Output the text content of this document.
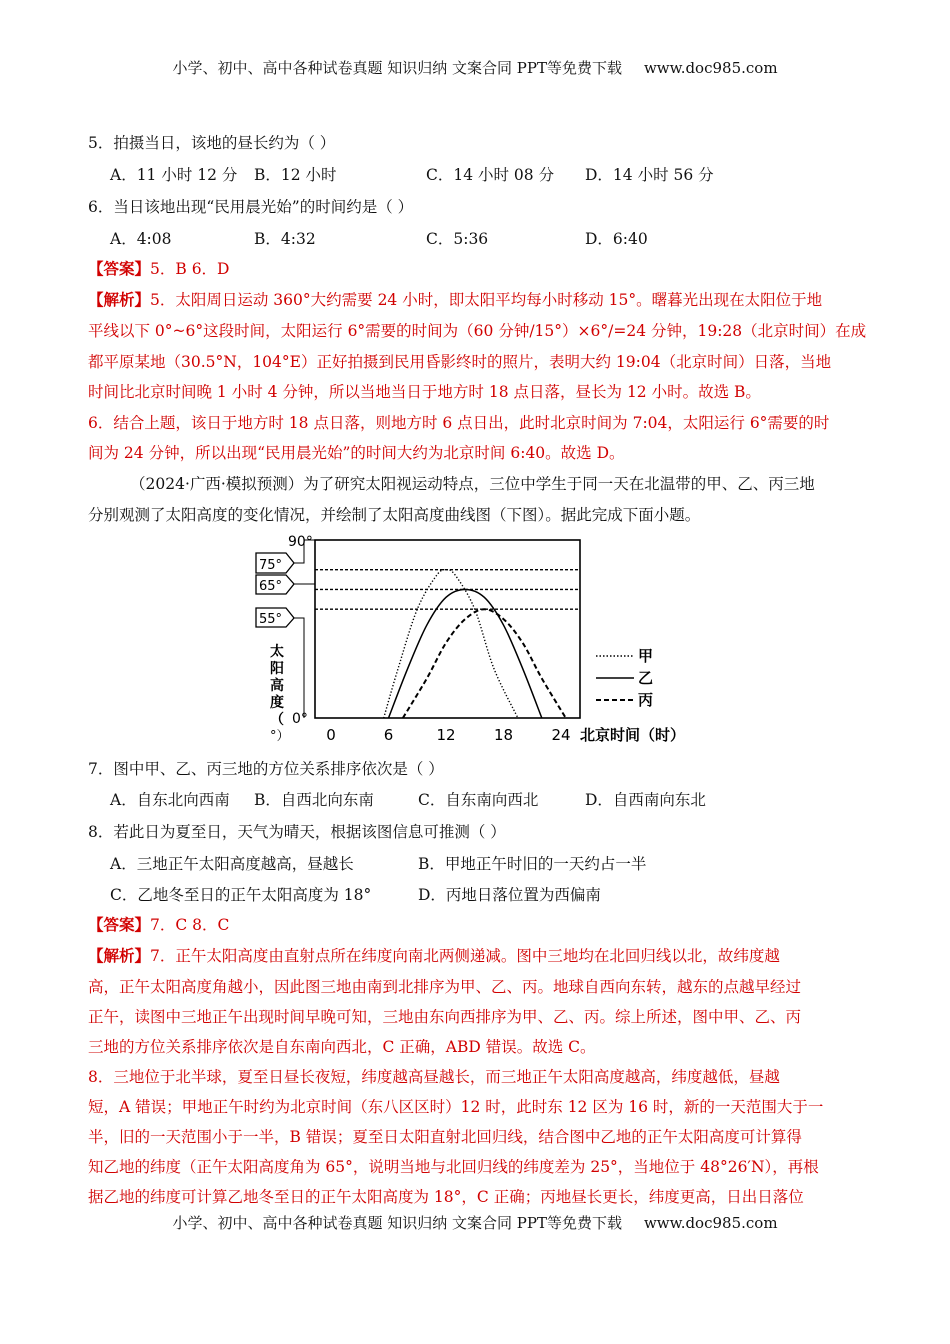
小学、初中、高中各种试卷真题 知识归纳 文案合同 PPT等免费下载 www.doc985.com
5．拍摄当日，该地的昼长约为（ ）
A．11 小时 12 分 B．12 小时	C．14 小时 08 分 D．14 小时 56 分
6．当日该地出现“民用晨光始”的时间约是（ ）
A．4:08	B．4:32	C．5:36	D．6:40
【答案】5．B 6．D
【解析】5．太阳周日运动 360°大约需要 24 小时，即太阳平均每小时移动 15°。曙暮光出现在太阳位于地
平线以下 0°~6°这段时间，太阳运行 6°需要的时间为（60 分钟/15°）×6°/=24 分钟，19:28（北京时间）在成
都平原某地（30.5°N，104°E）正好拍摄到民用昏影终时的照片，表明大约 19:04（北京时间）日落，当地
时间比北京时间晚 1 小时 4 分钟，所以当地当日于地方时 18 点日落，昼长为 12 小时。故选 B。
6．结合上题，该日于地方时 18 点日落，则地方时 6 点日出，此时北京时间为 7:04，太阳运行 6°需要的时
间为 24 分钟，所以出现“民用晨光始”的时间大约为北京时间 6:40。故选 D。
（2024·广西·模拟预测）为了研究太阳视运动特点，三位中学生于同一天在北温带的甲、乙、丙三地
分别观测了太阳高度的变化情况，并绘制了太阳高度曲线图（下图）。据此完成下面小题。
90°
0°
75°
65°
55°
太 阳 高 度 （
°） 0	6	12	18	24 北京时间（时）
甲
乙
丙
7．图中甲、乙、丙三地的方位关系排序依次是（ ）
A．自东北向西南 B．自西北向东南	C．自东南向西北	D．自西南向东北
8．若此日为夏至日，天气为晴天，根据该图信息可推测（ ）
A．三地正午太阳高度越高，昼越长	B．甲地正午时旧的一天约占一半
C．乙地冬至日的正午太阳高度为 18°	D．丙地日落位置为西偏南
【答案】7．C 8．C
【解析】7．正午太阳高度由直射点所在纬度向南北两侧递减。图中三地均在北回归线以北，故纬度越
高，正午太阳高度角越小，因此图三地由南到北排序为甲、乙、丙。地球自西向东转，越东的点越早经过
正午，读图中三地正午出现时间早晚可知，三地由东向西排序为甲、乙、丙。综上所述，图中甲、乙、丙
三地的方位关系排序依次是自东南向西北，C 正确，ABD 错误。故选 C。
8．三地位于北半球，夏至日昼长夜短，纬度越高昼越长，而三地正午太阳高度越高，纬度越低，昼越
短，A 错误；甲地正午时约为北京时间（东八区区时）12 时，此时东 12 区为 16 时，新的一天范围大于一
半，旧的一天范围小于一半，B 错误；夏至日太阳直射北回归线，结合图中乙地的正午太阳高度可计算得
知乙地的纬度（正午太阳高度角为 65°，说明当地与北回归线的纬度差为 25°，当地位于 48°26′N），再根
据乙地的纬度可计算乙地冬至日的正午太阳高度为 18°，C 正确；丙地昼长更长，纬度更高，日出日落位
小学、初中、高中各种试卷真题 知识归纳 文案合同 PPT等免费下载 www.doc985.com
